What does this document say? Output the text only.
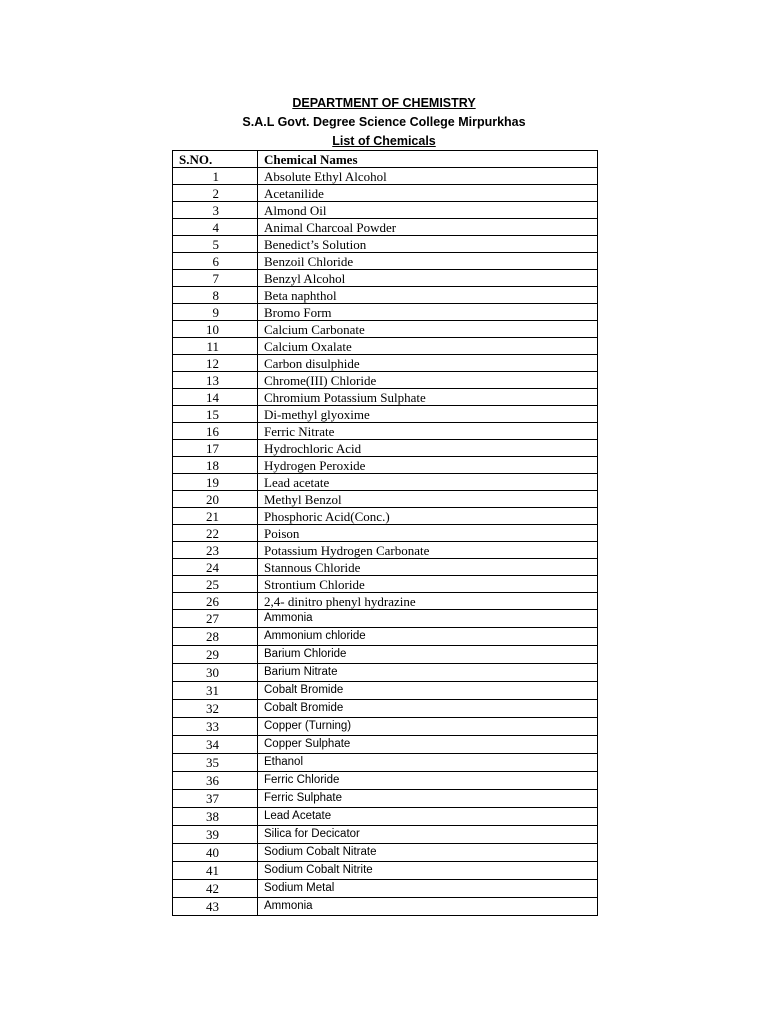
DEPARTMENT OF CHEMISTRY
S.A.L Govt. Degree Science College Mirpurkhas
List of Chemicals
S.NO.	Chemical Names
1	Absolute Ethyl Alcohol
2	Acetanilide
3	Almond Oil
4	Animal Charcoal Powder
5	Benedict’s Solution
6	Benzoil Chloride
7	Benzyl Alcohol
8	Beta naphthol
9	Bromo Form
10	Calcium Carbonate
11	Calcium Oxalate
12	Carbon disulphide
13	Chrome(III) Chloride
14	Chromium Potassium Sulphate
15	Di-methyl glyoxime
16	Ferric Nitrate
17	Hydrochloric Acid
18	Hydrogen Peroxide
19	Lead acetate
20	Methyl Benzol
21	Phosphoric Acid(Conc.)
22	Poison
23	Potassium Hydrogen Carbonate
24	Stannous Chloride
25	Strontium Chloride
26	2,4- dinitro phenyl hydrazine
27	Ammonia
28	Ammonium chloride
29	Barium Chloride
30	Barium Nitrate
31	Cobalt Bromide
32	Cobalt Bromide
33	Copper (Turning)
34	Copper Sulphate
35	Ethanol
36	Ferric Chloride
37	Ferric Sulphate
38	Lead Acetate
39	Silica for Decicator
40	Sodium Cobalt Nitrate
41	Sodium Cobalt Nitrite
42	Sodium Metal
43	Ammonia
